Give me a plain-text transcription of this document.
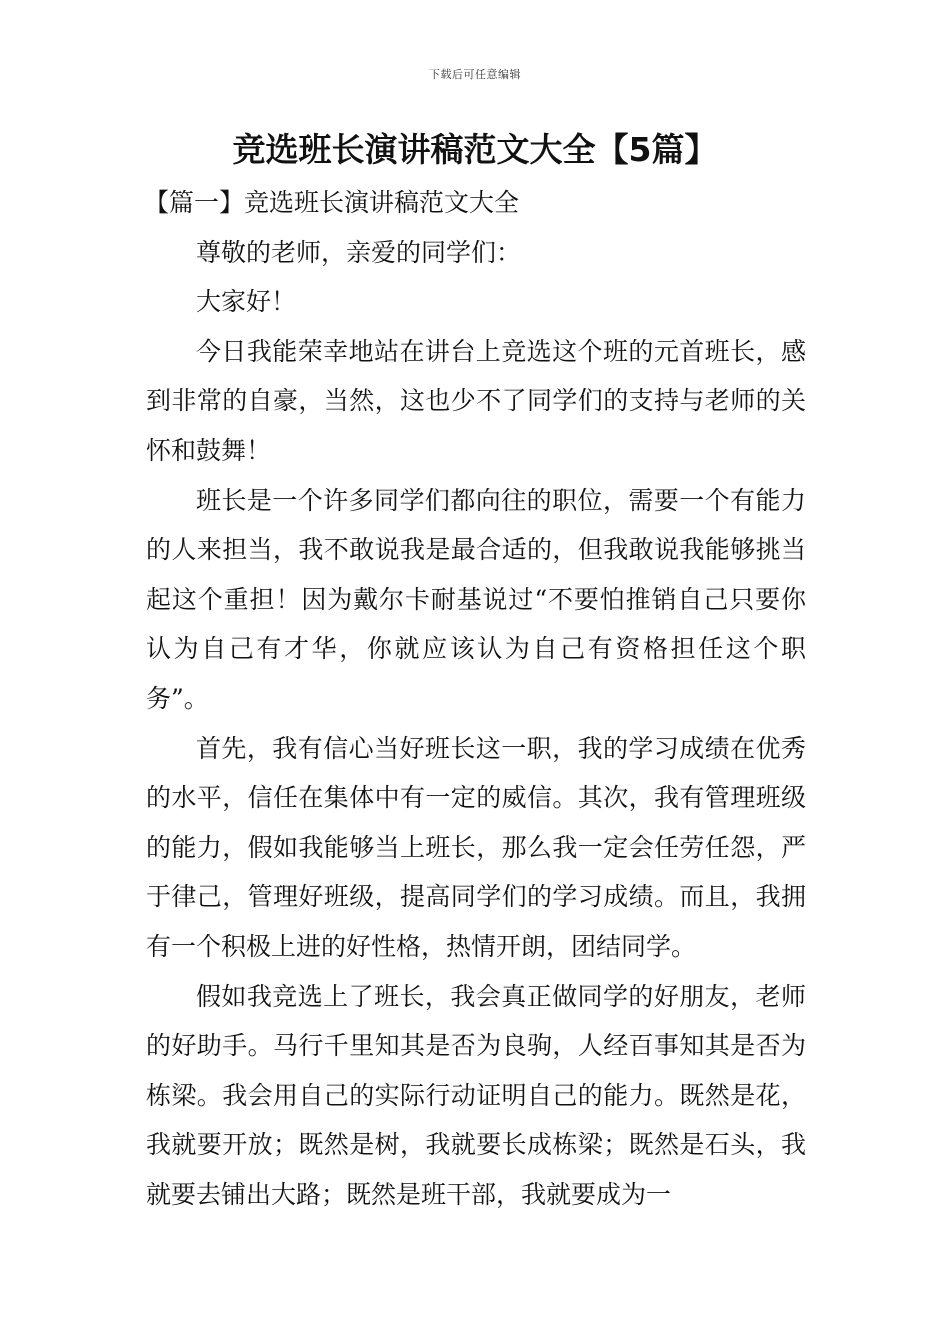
下载后可任意编辑
竞选班长演讲稿范文大全【5篇】
【篇一】竞选班长演讲稿范文大全

尊敬的老师，亲爱的同学们：

大家好！

今日我能荣幸地站在讲台上竞选这个班的元首班长，感到非常的自豪，当然，这也少不了同学们的支持与老师的关怀和鼓舞！

班长是一个许多同学们都向往的职位，需要一个有能力的人来担当，我不敢说我是最合适的，但我敢说我能够挑当起这个重担！因为戴尔卡耐基说过“不要怕推销自己只要你认为自己有才华，你就应该认为自己有资格担任这个职务”。

首先，我有信心当好班长这一职，我的学习成绩在优秀的水平，信任在集体中有一定的威信。其次，我有管理班级的能力，假如我能够当上班长，那么我一定会任劳任怨，严于律己，管理好班级，提高同学们的学习成绩。而且，我拥有一个积极上进的好性格，热情开朗，团结同学。

假如我竞选上了班长，我会真正做同学的好朋友，老师的好助手。马行千里知其是否为良驹，人经百事知其是否为栋梁。我会用自己的实际行动证明自己的能力。既然是花，我就要开放；既然是树，我就要长成栋梁；既然是石头，我就要去铺出大路；既然是班干部，我就要成为一
